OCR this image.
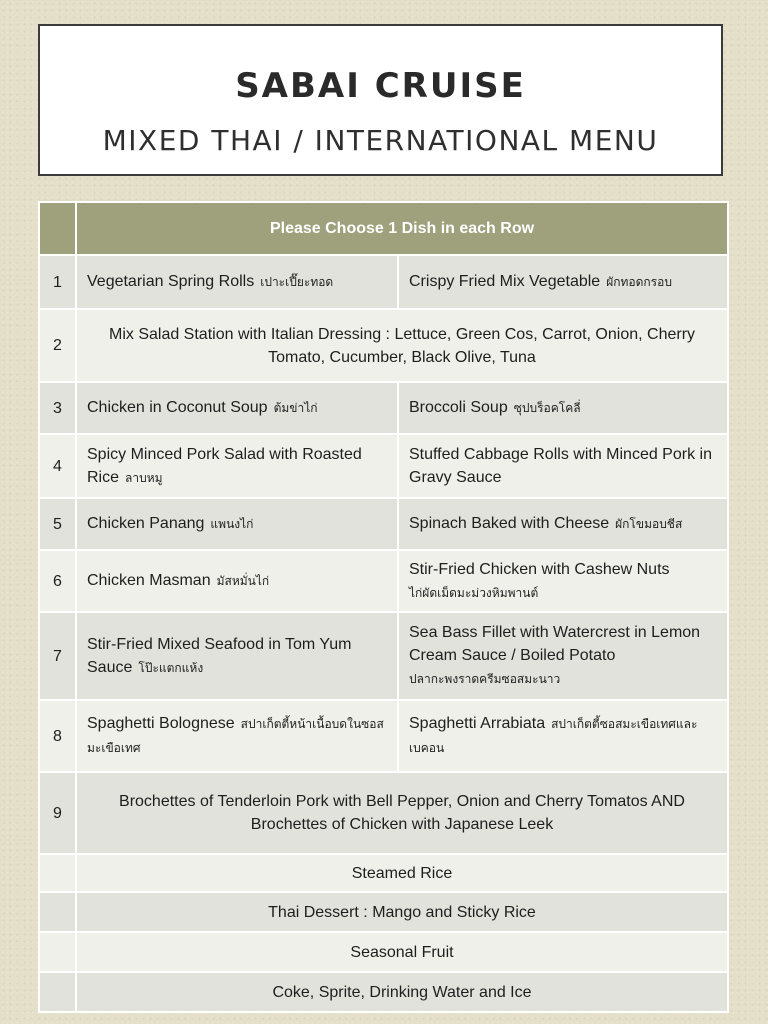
SABAI CRUISE
MIXED THAI / INTERNATIONAL MENU
	Please Choose 1 Dish in each Row	
1	Vegetarian Spring Rolls เปาะเปี๊ยะทอด	Crispy Fried Mix Vegetable ผักทอดกรอบ
2	Mix Salad Station with Italian Dressing : Lettuce, Green Cos, Carrot, Onion, Cherry Tomato, Cucumber, Black Olive, Tuna	
3	Chicken in Coconut Soup ต้มข่าไก่	Broccoli Soup ซุปบร็อคโคลี่
4	Spicy Minced Pork Salad with Roasted Rice ลาบหมู	Stuffed Cabbage Rolls with Minced Pork in Gravy Sauce
5	Chicken Panang แพนงไก่	Spinach Baked with Cheese ผักโขมอบชีส
6	Chicken Masman มัสหมั่นไก่	Stir-Fried Chicken with Cashew Nuts
ไก่ผัดเม็ดมะม่วงหิมพานต์
7	Stir-Fried Mixed Seafood in Tom Yum Sauce โป๊ะแตกแห้ง	Sea Bass Fillet with Watercrest in Lemon Cream Sauce / Boiled Potato
ปลากะพงราดครีมซอสมะนาว
8	Spaghetti Bolognese สปาเก็ตตี้หน้าเนื้อบดในซอสมะเขือเทศ	Spaghetti Arrabiata สปาเก็ตตี้ซอสมะเขือเทศและเบคอน
9	Brochettes of Tenderloin Pork with Bell Pepper, Onion and Cherry Tomatos AND Brochettes of Chicken with Japanese Leek	
	Steamed Rice	
	Thai Dessert : Mango and Sticky Rice	
	Seasonal Fruit	
	Coke, Sprite, Drinking Water and Ice	
